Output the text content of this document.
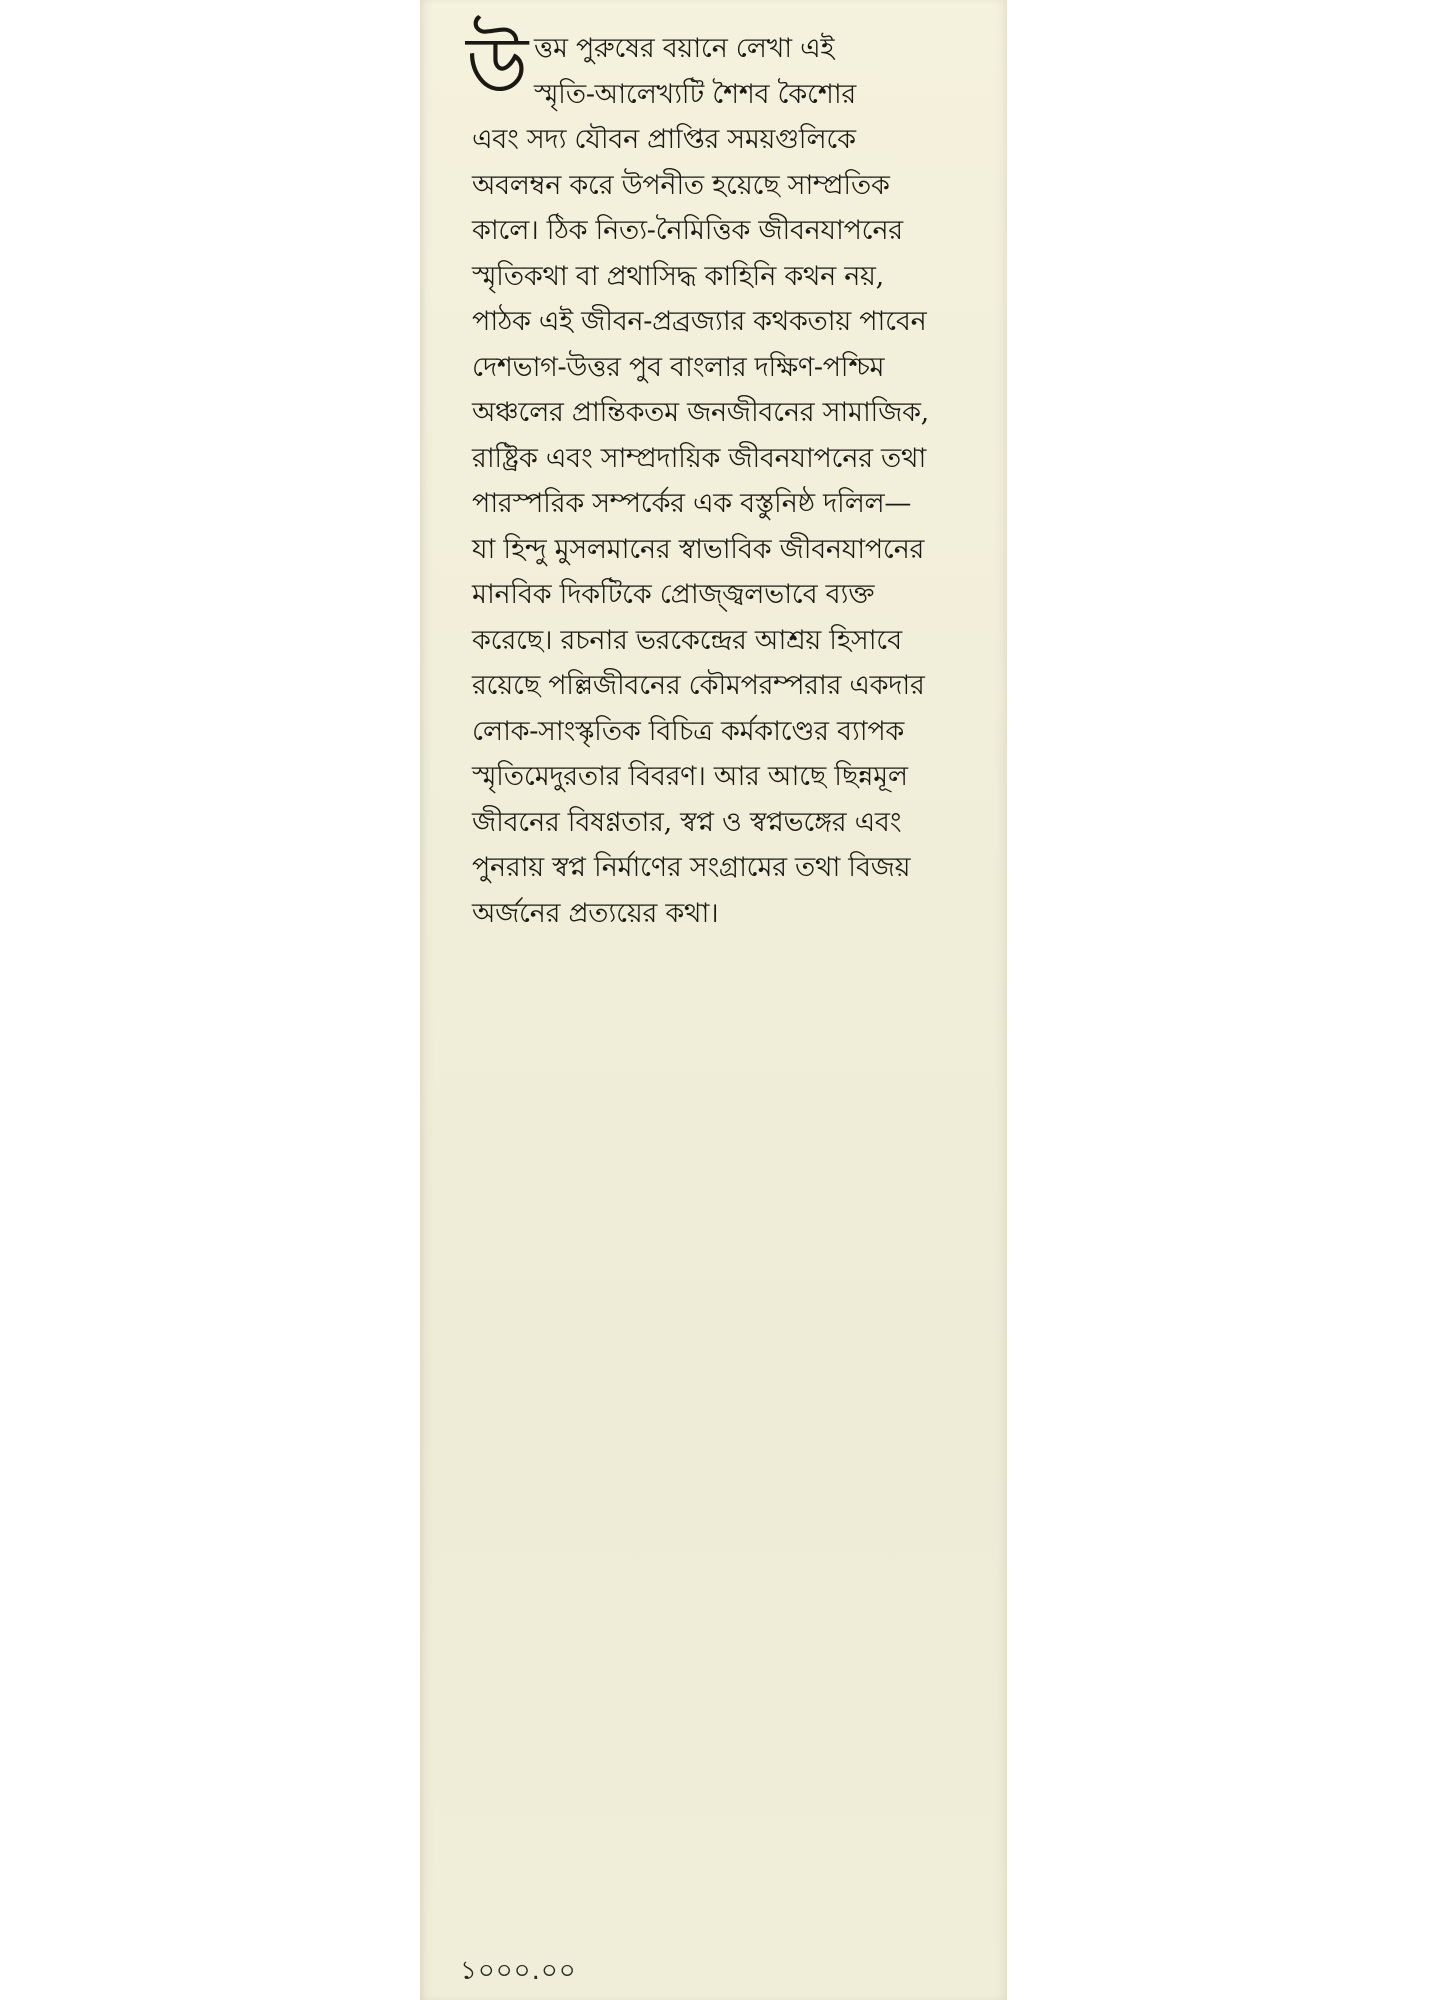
উ ত্তম পুরুষের বয়ানে লেখা এই
স্মৃতি-আলেখ্যটি শৈশব কৈশোর
এবং সদ্য যৌবন প্রাপ্তির সময়গুলিকে
অবলম্বন করে উপনীত হয়েছে সাম্প্রতিক
কালে। ঠিক নিত্য-নৈমিত্তিক জীবনযাপনের
স্মৃতিকথা বা প্রথাসিদ্ধ কাহিনি কথন নয়,
পাঠক এই জীবন-প্রব্রজ্যার কথকতায় পাবেন
দেশভাগ-উত্তর পুব বাংলার দক্ষিণ-পশ্চিম
অঞ্চলের প্রান্তিকতম জনজীবনের সামাজিক,
রাষ্ট্রিক এবং সাম্প্রদায়িক জীবনযাপনের তথা
পারস্পরিক সম্পর্কের এক বস্তুনিষ্ঠ দলিল—
যা হিন্দু মুসলমানের স্বাভাবিক জীবনযাপনের
মানবিক দিকটিকে প্রোজ্জ্বলভাবে ব্যক্ত
করেছে। রচনার ভরকেন্দ্রের আশ্রয় হিসাবে
রয়েছে পল্লিজীবনের কৌমপরম্পরার একদার
লোক-সাংস্কৃতিক বিচিত্র কর্মকাণ্ডের ব্যাপক
স্মৃতিমেদুরতার বিবরণ। আর আছে ছিন্নমূল
জীবনের বিষণ্ণতার, স্বপ্ন ও স্বপ্নভঙ্গের এবং
পুনরায় স্বপ্ন নির্মাণের সংগ্রামের তথা বিজয়
অর্জনের প্রত্যয়ের কথা।
১০০০.০০
